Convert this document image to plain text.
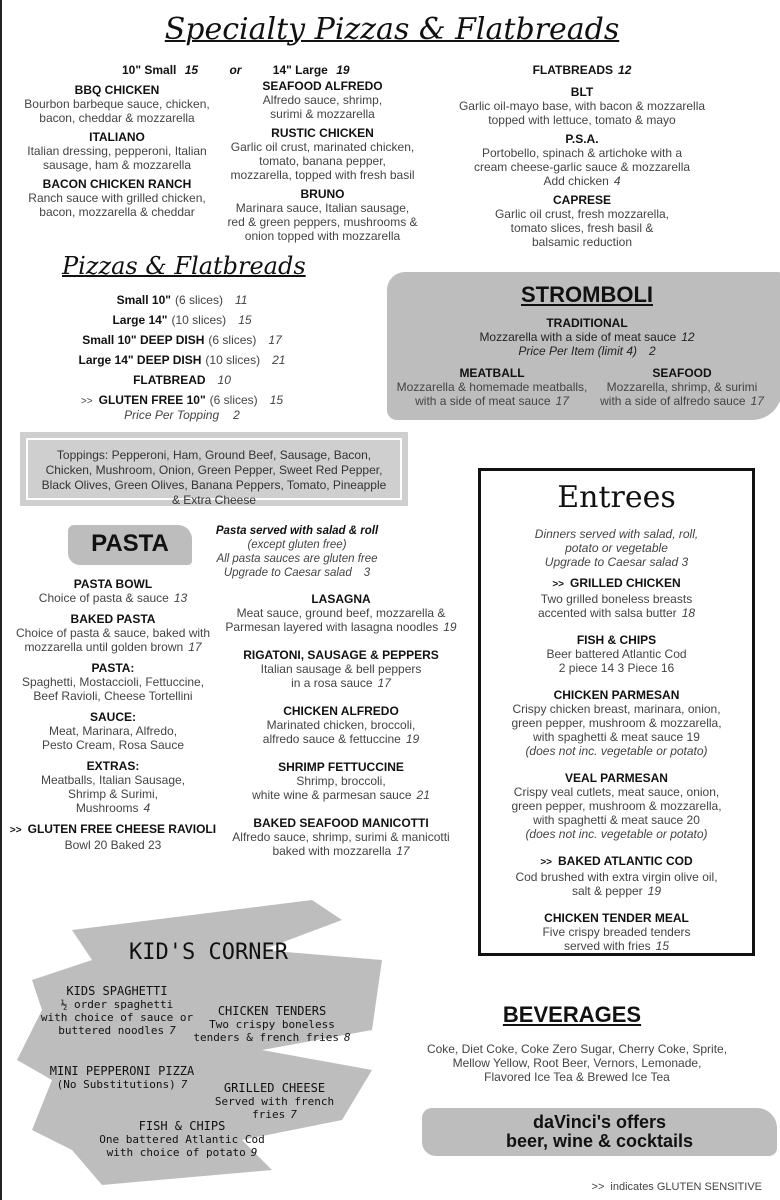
Specialty Pizzas & Flatbreads
10" Small 15	or	14" Large 19
BBQ CHICKEN
Bourbon barbeque sauce, chicken,
bacon, cheddar & mozzarella
ITALIANO
Italian dressing, pepperoni, Italian
sausage, ham & mozzarella
BACON CHICKEN RANCH
Ranch sauce with grilled chicken,
bacon, mozzarella & cheddar
SEAFOOD ALFREDO
Alfredo sauce, shrimp,
surimi & mozzarella
RUSTIC CHICKEN
Garlic oil crust, marinated chicken,
tomato, banana pepper,
mozzarella, topped with fresh basil
BRUNO
Marinara sauce, Italian sausage,
red & green peppers, mushrooms &
onion topped with mozzarella
FLATBREADS 12
BLT
Garlic oil-mayo base, with bacon & mozzarella
topped with lettuce, tomato & mayo
P.S.A.
Portobello, spinach & artichoke with a
cream cheese-garlic sauce & mozzarella
Add chicken 4
CAPRESE
Garlic oil crust, fresh mozzarella,
tomato slices, fresh basil &
balsamic reduction
Pizzas & Flatbreads
Small 10" (6 slices) 11
Large 14" (10 slices) 15
Small 10" DEEP DISH (6 slices) 17
Large 14" DEEP DISH (10 slices) 21
FLATBREAD 10
>> GLUTEN FREE 10" (6 slices) 15
Price Per Topping 2
Toppings: Pepperoni, Ham, Ground Beef, Sausage, Bacon, Chicken, Mushroom, Onion, Green Pepper, Sweet Red Pepper, Black Olives, Green Olives, Banana Peppers, Tomato, Pineapple & Extra Cheese
STROMBOLI
TRADITIONAL
Mozzarella with a side of meat sauce 12
Price Per Item (limit 4) 2
MEATBALL
Mozzarella & homemade meatballs,
with a side of meat sauce 17
SEAFOOD
Mozzarella, shrimp, & surimi
with a side of alfredo sauce 17
PASTA	Pasta served with salad & roll
(except gluten free)
All pasta sauces are gluten free
Upgrade to Caesar salad 3
PASTA BOWL
Choice of pasta & sauce 13
BAKED PASTA
Choice of pasta & sauce, baked with
mozzarella until golden brown 17
PASTA:
Spaghetti, Mostaccioli, Fettuccine,
Beef Ravioli, Cheese Tortellini
SAUCE:
Meat, Marinara, Alfredo,
Pesto Cream, Rosa Sauce
EXTRAS:
Meatballs, Italian Sausage,
Shrimp & Surimi,
Mushrooms 4
>> GLUTEN FREE CHEESE RAVIOLI
Bowl 20 Baked 23
LASAGNA
Meat sauce, ground beef, mozzarella &
Parmesan layered with lasagna noodles 19
RIGATONI, SAUSAGE & PEPPERS
Italian sausage & bell peppers
in a rosa sauce 17
CHICKEN ALFREDO
Marinated chicken, broccoli,
alfredo sauce & fettuccine 19
SHRIMP FETTUCCINE
Shrimp, broccoli,
white wine & parmesan sauce 21
BAKED SEAFOOD MANICOTTI
Alfredo sauce, shrimp, surimi & manicotti
baked with mozzarella 17
Entrees
Dinners served with salad, roll,
potato or vegetable
Upgrade to Caesar salad 3
>> GRILLED CHICKEN
Two grilled boneless breasts
accented with salsa butter 18
FISH & CHIPS
Beer battered Atlantic Cod
2 piece 14 3 Piece 16
CHICKEN PARMESAN
Crispy chicken breast, marinara, onion,
green pepper, mushroom & mozzarella,
with spaghetti & meat sauce 19
(does not inc. vegetable or potato)
VEAL PARMESAN
Crispy veal cutlets, meat sauce, onion,
green pepper, mushroom & mozzarella,
with spaghetti & meat sauce 20
(does not inc. vegetable or potato)
>> BAKED ATLANTIC COD
Cod brushed with extra virgin olive oil,
salt & pepper 19
CHICKEN TENDER MEAL
Five crispy breaded tenders
served with fries 15
KID'S CORNER
KIDS SPAGHETTI
½ order spaghetti
with choice of sauce or
buttered noodles 7
CHICKEN TENDERS
Two crispy boneless
tenders & french fries 8
MINI PEPPERONI PIZZA
(No Substitutions) 7	GRILLED CHEESE
Served with french fries 7
FISH & CHIPS
One battered Atlantic Cod
with choice of potato 9
BEVERAGES
Coke, Diet Coke, Coke Zero Sugar, Cherry Coke, Sprite,
Mellow Yellow, Root Beer, Vernors, Lemonade,
Flavored Ice Tea & Brewed Ice Tea
daVinci's offers
beer, wine & cocktails
>> indicates GLUTEN SENSITIVE
